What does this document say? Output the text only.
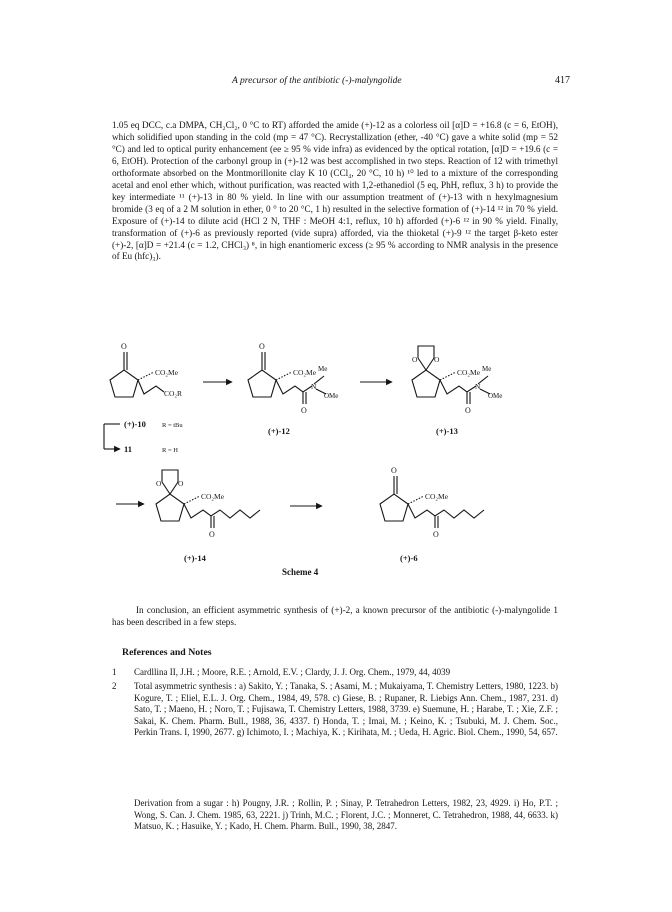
A precursor of the antibiotic (-)-malyngolide	417

1.05 eq DCC, c.a DMPA, CH₂Cl₂, 0 °C to RT) afforded the amide (+)-12 as a colorless oil [α]D = +16.8 (c = 6, EtOH), which solidified upon standing in the cold (mp = 47 °C). Recrystallization (ether, -40 °C) gave a white solid (mp = 52 °C) and led to optical purity enhancement (ee ≥ 95 % vide infra) as evidenced by the optical rotation, [α]D = +19.6 (c = 6, EtOH). Protection of the carbonyl group in (+)-12 was best accomplished in two steps. Reaction of 12 with trimethyl orthoformate absorbed on the Montmorillonite clay K 10 (CCl₄, 20 °C, 10 h) ¹⁰ led to a mixture of the corresponding acetal and enol ether which, without purification, was reacted with 1,2-ethanediol (5 eq, PhH, reflux, 3 h) to provide the key intermediate ¹¹ (+)-13 in 80 % yield. In line with our assumption treatment of (+)-13 with n hexylmagnesium bromide (3 eq of a 2 M solution in ether, 0 ° to 20 °C, 1 h) resulted in the selective formation of (+)-14 ¹² in 70 % yield. Exposure of (+)-14 to dilute acid (HCl 2 N, THF : MeOH 4:1, reflux, 10 h) afforded (+)-6 ¹² in 90 % yield. Finally, transformation of (+)-6 as previously reported (vide supra) afforded, via the thioketal (+)-9 ¹² the target β-keto ester (+)-2, [α]D = +21.4 (c = 1.2, CHCl₃) ⁸, in high enantiomeric excess (≥ 95 % according to NMR analysis in the presence of Eu (hfc)₃).

O
CO₂Me
CO₂R
(+)-10 R = tBu
11	R = H
O
CO₂Me
N
Me
OMe
O
(+)-12
O O
CO₂Me
N
Me
OMe
O
(+)-13
O O
CO₂Me
O
(+)-14
Scheme 4
O
CO₂Me
O
(+)-6

In conclusion, an efficient asymmetric synthesis of (+)-2, a known precursor of the antibiotic (-)-malyngolide 1 has been described in a few steps.

References and Notes
1 Cardllina II, J.H. ; Moore, R.E. ; Arnold, E.V. ; Clardy, J. J. Org. Chem., 1979, 44, 4039
2 Total asymmetric synthesis : a) Sakito, Y. ; Tanaka, S. ; Asami, M. ; Mukaiyama, T. Chemistry Letters, 1980, 1223. b) Kogure, T. ; Eliel, E.L. J. Org. Chem., 1984, 49, 578. c) Giese, B. ; Rupaner, R. Liebigs Ann. Chem., 1987, 231. d) Sato, T. ; Maeno, H. ; Noro, T. ; Fujisawa, T. Chemistry Letters, 1988, 3739. e) Suemune, H. ; Harabe, T. ; Xie, Z.F. ; Sakai, K. Chem. Pharm. Bull., 1988, 36, 4337. f) Honda, T. ; Imai, M. ; Keino, K. ; Tsubuki, M. J. Chem. Soc., Perkin Trans. I, 1990, 2677. g) Ichimoto, I. ; Machiya, K. ; Kirihata, M. ; Ueda, H. Agric. Biol. Chem., 1990, 54, 657.
Derivation from a sugar : h) Pougny, J.R. ; Rollin, P. ; Sinay, P. Tetrahedron Letters, 1982, 23, 4929. i) Ho, P.T. ; Wong, S. Can. J. Chem. 1985, 63, 2221. j) Trinh, M.C. ; Florent, J.C. ; Monneret, C. Tetrahedron, 1988, 44, 6633. k) Matsuo, K. ; Hasuike, Y. ; Kado, H. Chem. Pharm. Bull., 1990, 38, 2847.
